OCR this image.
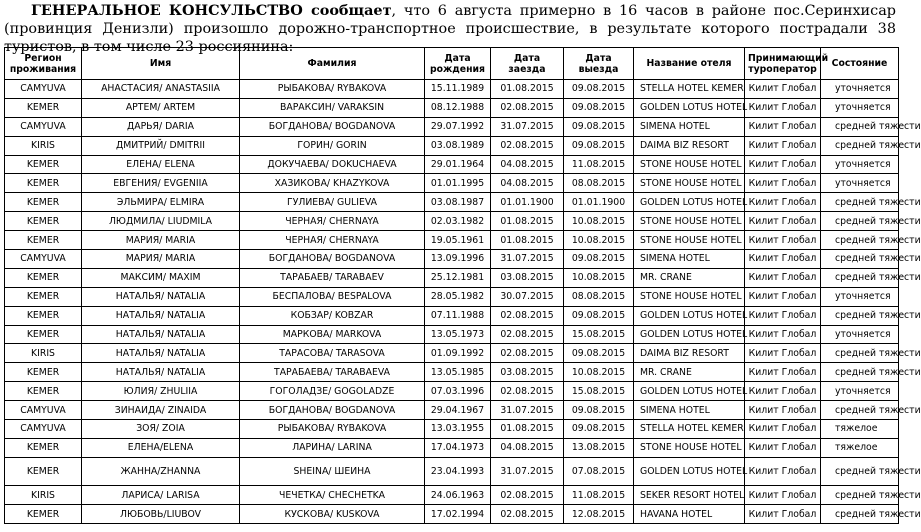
ГЕНЕРАЛЬНОЕ КОНСУЛЬСТВО сообщает, что 6 августа примерно в 16 часов в районе пос.Серинхисар (провинция Денизли) произошло дорожно-транспортное происшествие, в результате которого пострадали 38 туристов, в том числе 23 россиянина:
Регион проживания	Имя	Фамилия	Дата рождения	Дата заезда	Дата выезда	Название отеля	Принимающий туроператор	Состояние
CAMYUVA	АНАСТАСИЯ/ ANASTASIIA	РЫБАКОВА/ RYBAKOVA	15.11.1989	01.08.2015	09.08.2015	STELLA HOTEL KEMER	Килит Глобал	уточняется
KEMER	АРТЕМ/ ARTEM	ВАРАКСИН/ VARAKSIN	08.12.1988	02.08.2015	09.08.2015	GOLDEN LOTUS HOTEL	Килит Глобал	уточняется
CAMYUVA	ДАРЬЯ/ DARIA	БОГДАНОВА/ BOGDANOVA	29.07.1992	31.07.2015	09.08.2015	SIMENA HOTEL	Килит Глобал	средней тяжести
KIRIS	ДМИТРИЙ/ DMITRII	ГОРИН/ GORIN	03.08.1989	02.08.2015	09.08.2015	DAIMA BIZ RESORT	Килит Глобал	средней тяжести
KEMER	ЕЛЕНА/ ELENA	ДОКУЧАЕВА/ DOKUCHAEVA	29.01.1964	04.08.2015	11.08.2015	STONE HOUSE HOTEL	Килит Глобал	уточняется
KEMER	ЕВГЕНИЯ/ EVGENIIA	ХАЗИКОВА/ KHAZYKOVA	01.01.1995	04.08.2015	08.08.2015	STONE HOUSE HOTEL	Килит Глобал	уточняется
KEMER	ЭЛЬМИРА/ ELMIRA	ГУЛИЕВА/ GULIEVA	03.08.1987	01.01.1900	01.01.1900	GOLDEN LOTUS HOTEL	Килит Глобал	средней тяжести
KEMER	ЛЮДМИЛА/ LIUDMILA	ЧЕРНАЯ/ CHERNAYA	02.03.1982	01.08.2015	10.08.2015	STONE HOUSE HOTEL	Килит Глобал	средней тяжести
KEMER	МАРИЯ/ MARIA	ЧЕРНАЯ/ CHERNAYA	19.05.1961	01.08.2015	10.08.2015	STONE HOUSE HOTEL	Килит Глобал	средней тяжести
CAMYUVA	МАРИЯ/ MARIA	БОГДАНОВА/ BOGDANOVA	13.09.1996	31.07.2015	09.08.2015	SIMENA HOTEL	Килит Глобал	средней тяжести
KEMER	МАКСИМ/ MAXIM	ТАРАБАЕВ/ TARABAEV	25.12.1981	03.08.2015	10.08.2015	MR. CRANE	Килит Глобал	средней тяжести
KEMER	НАТАЛЬЯ/ NATALIA	БЕСПАЛОВА/ BESPALOVA	28.05.1982	30.07.2015	08.08.2015	STONE HOUSE HOTEL	Килит Глобал	уточняется
KEMER	НАТАЛЬЯ/ NATALIA	КОБЗАР/ KOBZAR	07.11.1988	02.08.2015	09.08.2015	GOLDEN LOTUS HOTEL	Килит Глобал	средней тяжести
KEMER	НАТАЛЬЯ/ NATALIA	МАРКОВА/ MARKOVA	13.05.1973	02.08.2015	15.08.2015	GOLDEN LOTUS HOTEL	Килит Глобал	уточняется
KIRIS	НАТАЛЬЯ/ NATALIA	ТАРАСОВА/ TARASOVA	01.09.1992	02.08.2015	09.08.2015	DAIMA BIZ RESORT	Килит Глобал	средней тяжести
KEMER	НАТАЛЬЯ/ NATALIA	ТАРАБАЕВА/ TARABAEVA	13.05.1985	03.08.2015	10.08.2015	MR. CRANE	Килит Глобал	средней тяжести
KEMER	ЮЛИЯ/ ZHULIIA	ГОГОЛАДЗЕ/ GOGOLADZE	07.03.1996	02.08.2015	15.08.2015	GOLDEN LOTUS HOTEL	Килит Глобал	уточняется
CAMYUVA	ЗИНАИДА/ ZINAIDA	БОГДАНОВА/ BOGDANOVA	29.04.1967	31.07.2015	09.08.2015	SIMENA HOTEL	Килит Глобал	средней тяжести
CAMYUVA	ЗОЯ/ ZOIA	РЫБАКОВА/ RYBAKOVA	13.03.1955	01.08.2015	09.08.2015	STELLA HOTEL KEMER	Килит Глобал	тяжелое
KEMER	ЕЛЕНА/ELENA	ЛАРИНА/ LARINA	17.04.1973	04.08.2015	13.08.2015	STONE HOUSE HOTEL	Килит Глобал	тяжелое
KEMER	ЖАННА/ZHANNA	SHEINA/ ШЕИНА	23.04.1993	31.07.2015	07.08.2015	GOLDEN LOTUS HOTEL	Килит Глобал	средней тяжести
KIRIS	ЛАРИСА/ LARISA	ЧЕЧЕТКА/ CHECHETKA	24.06.1963	02.08.2015	11.08.2015	SEKER RESORT HOTEL	Килит Глобал	средней тяжести
KEMER	ЛЮБОВЬ/LIUBOV	КУСКОВА/ KUSKOVA	17.02.1994	02.08.2015	12.08.2015	HAVANA HOTEL	Килит Глобал	средней тяжести
